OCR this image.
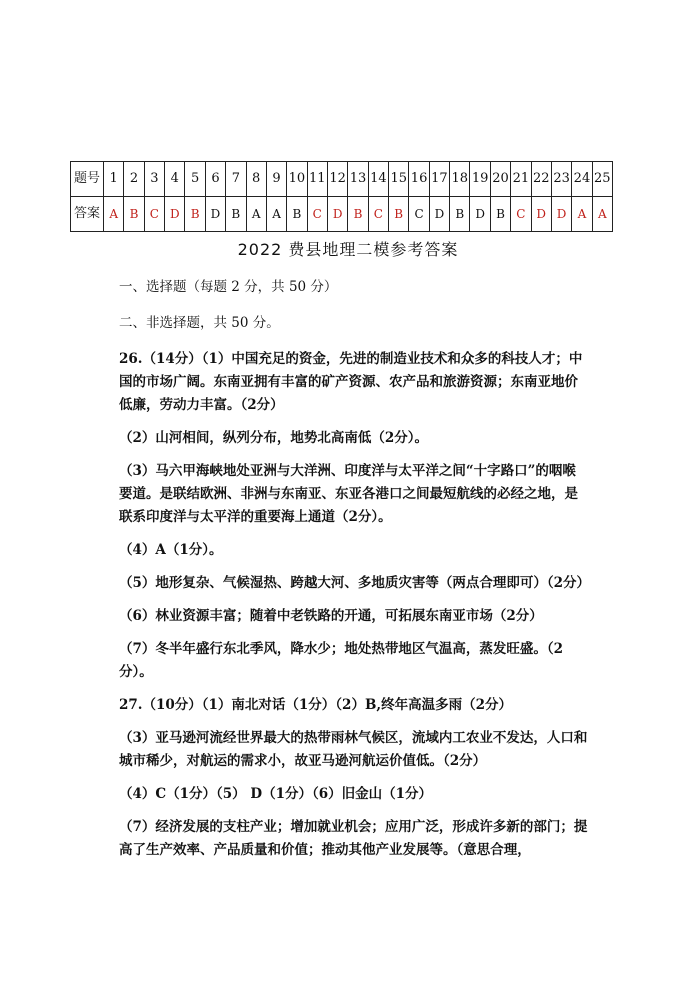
题号	1	2	3	4	5	6	7	8	9	10	11	12	13	14	15	16	17	18	19	20	21	22	23	24	25
答案	A	B	C	D	B	D	B	A	A	B	C	D	B	C	B	C	D	B	D	B	C	D	D	A	A
2022 费县地理二模参考答案

一、选择题（每题 2 分，共 50 分）

二、非选择题，共 50 分。

26.（14分）（1）中国充足的资金，先进的制造业技术和众多的科技人才；中国的市场广阔。东南亚拥有丰富的矿产资源、农产品和旅游资源；东南亚地价低廉，劳动力丰富。（2分）

（2）山河相间，纵列分布，地势北高南低（2分）。

（3）马六甲海峡地处亚洲与大洋洲、印度洋与太平洋之间“十字路口”的咽喉要道。是联结欧洲、非洲与东南亚、东亚各港口之间最短航线的必经之地，是联系印度洋与太平洋的重要海上通道（2分）。

（4）A（1分）。

（5）地形复杂、气候湿热、跨越大河、多地质灾害等（两点合理即可）（2分）

（6）林业资源丰富；随着中老铁路的开通，可拓展东南亚市场（2分）

（7）冬半年盛行东北季风，降水少；地处热带地区气温高，蒸发旺盛。（2分）。

27.（10分）（1）南北对话（1分）（2）B,终年高温多雨（2分）

（3）亚马逊河流经世界最大的热带雨林气候区，流域内工农业不发达，人口和城市稀少，对航运的需求小，故亚马逊河航运价值低。（2分）

（4）C（1分）（5） D（1分）（6）旧金山（1分）

（7）经济发展的支柱产业；增加就业机会；应用广泛，形成许多新的部门；提高了生产效率、产品质量和价值；推动其他产业发展等。（意思合理，
